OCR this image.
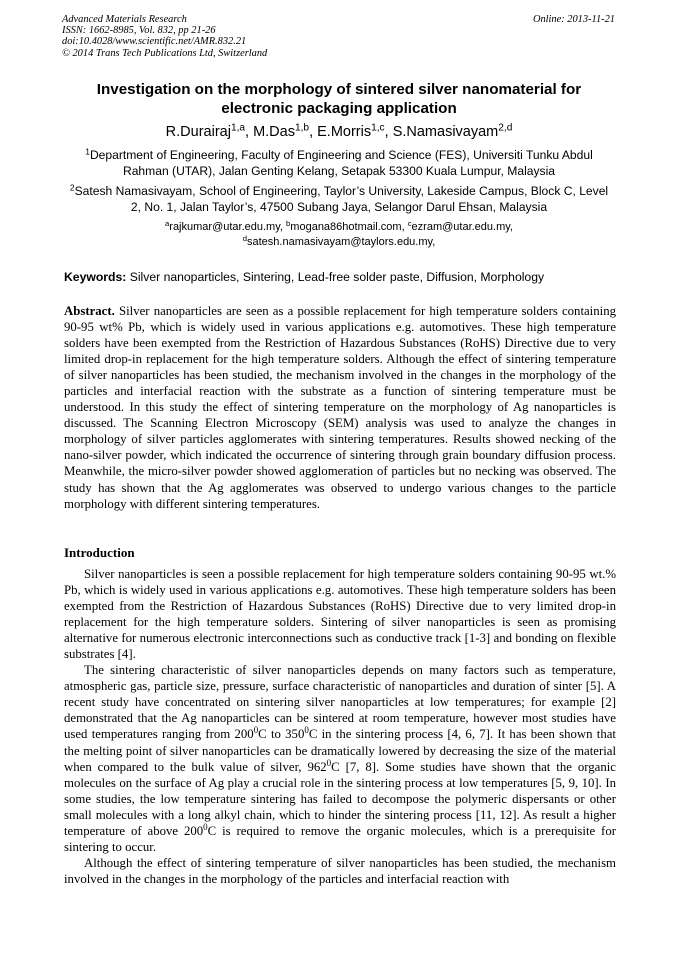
Advanced Materials Research
ISSN: 1662-8985, Vol. 832, pp 21-26
doi:10.4028/www.scientific.net/AMR.832.21
© 2014 Trans Tech Publications Ltd, Switzerland
Online: 2013-11-21
Investigation on the morphology of sintered silver nanomaterial for electronic packaging application
R.Durairaj$^{1,a}$, M.Das$^{1,b}$, E.Morris$^{1,c}$, S.Namasivayam$^{2,d}$
$^1$Department of Engineering, Faculty of Engineering and Science (FES), Universiti Tunku Abdul Rahman (UTAR), Jalan Genting Kelang, Setapak 53300 Kuala Lumpur, Malaysia
$^2$Satesh Namasivayam, School of Engineering, Taylor’s University, Lakeside Campus, Block C, Level 2, No. 1, Jalan Taylor’s, 47500 Subang Jaya, Selangor Darul Ehsan, Malaysia
$^a$rajkumar@utar.edu.my, $^b$mogana86hotmail.com, $^c$ezram@utar.edu.my,
$^d$satesh.namasivayam@taylors.edu.my,
Keywords: Silver nanoparticles, Sintering, Lead-free solder paste, Diffusion, Morphology

Abstract. Silver nanoparticles are seen as a possible replacement for high temperature solders containing 90-95 wt% Pb, which is widely used in various applications e.g. automotives. These high temperature solders have been exempted from the Restriction of Hazardous Substances (RoHS) Directive due to very limited drop-in replacement for the high temperature solders. Although the effect of sintering temperature of silver nanoparticles has been studied, the mechanism involved in the changes in the morphology of the particles and interfacial reaction with the substrate as a function of sintering temperature must be understood. In this study the effect of sintering temperature on the morphology of Ag nanoparticles is discussed. The Scanning Electron Microscopy (SEM) analysis was used to analyze the changes in morphology of silver particles agglomerates with sintering temperatures. Results showed necking of the nano-silver powder, which indicated the occurrence of sintering through grain boundary diffusion process. Meanwhile, the micro-silver powder showed agglomeration of particles but no necking was observed. The study has shown that the Ag agglomerates was observed to undergo various changes to the particle morphology with different sintering temperatures.

Introduction

Silver nanoparticles is seen a possible replacement for high temperature solders containing 90-95 wt.% Pb, which is widely used in various applications e.g. automotives. These high temperature solders has been exempted from the Restriction of Hazardous Substances (RoHS) Directive due to very limited drop-in replacement for the high temperature solders. Sintering of silver nanoparticles is seen as promising alternative for numerous electronic interconnections such as conductive track [1-3] and bonding on flexible substrates [4].

The sintering characteristic of silver nanoparticles depends on many factors such as temperature, atmospheric gas, particle size, pressure, surface characteristic of nanoparticles and duration of sinter [5]. A recent study have concentrated on sintering silver nanoparticles at low temperatures; for example [2] demonstrated that the Ag nanoparticles can be sintered at room temperature, however most studies have used temperatures ranging from $200^0C$ to $350^0C$ in the sintering process [4, 6, 7]. It has been shown that the melting point of silver nanoparticles can be dramatically lowered by decreasing the size of the material when compared to the bulk value of silver, $962^0C$ [7, 8]. Some studies have shown that the organic molecules on the surface of Ag play a crucial role in the sintering process at low temperatures [5, 9, 10]. In some studies, the low temperature sintering has failed to decompose the polymeric dispersants or other small molecules with a long alkyl chain, which to hinder the sintering process [11, 12]. As result a higher temperature of above $200^0C$ is required to remove the organic molecules, which is a prerequisite for sintering to occur.

Although the effect of sintering temperature of silver nanoparticles has been studied, the mechanism involved in the changes in the morphology of the particles and interfacial reaction with
